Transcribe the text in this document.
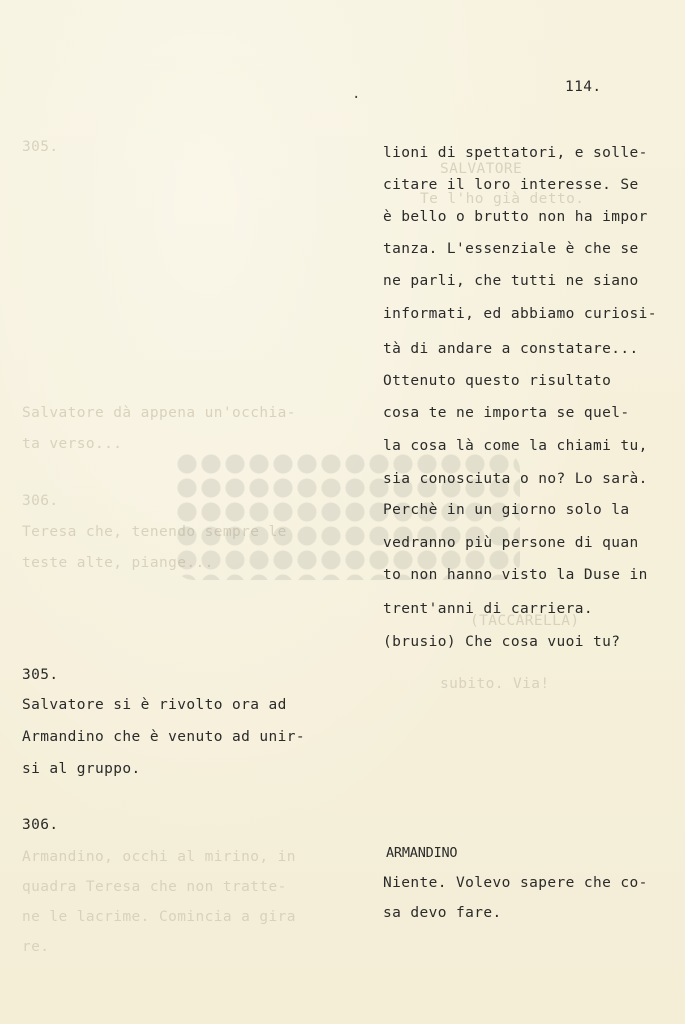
305.
SALVATORE
Te l'ho già detto.
Salvatore dà appena un'occhia-
ta verso...
306.
Teresa che, tenendo sempre le
teste alte, piange...
(TACCARELLA)
subito. Via!
Armandino, occhi al mirino, in
quadra Teresa che non tratte-
ne le lacrime. Comincia a gira
re.
.	114.
lioni di spettatori, e solle-
citare il loro interesse. Se
è bello o brutto non ha impor
tanza. L'essenziale è che se
ne parli, che tutti ne siano
informati, ed abbiamo curiosi-
tà di andare a constatare...
Ottenuto questo risultato
cosa te ne importa se quel-
la cosa là come la chiami tu,
sia conosciuta o no? Lo sarà.
Perchè in un giorno solo la
vedranno più persone di quan
to non hanno visto la Duse in
trent'anni di carriera.
(brusio) Che cosa vuoi tu?
305.
Salvatore si è rivolto ora ad
Armandino che è venuto ad unir-
si al gruppo.
306.
ARMANDINO
Niente. Volevo sapere che co-
sa devo fare.
